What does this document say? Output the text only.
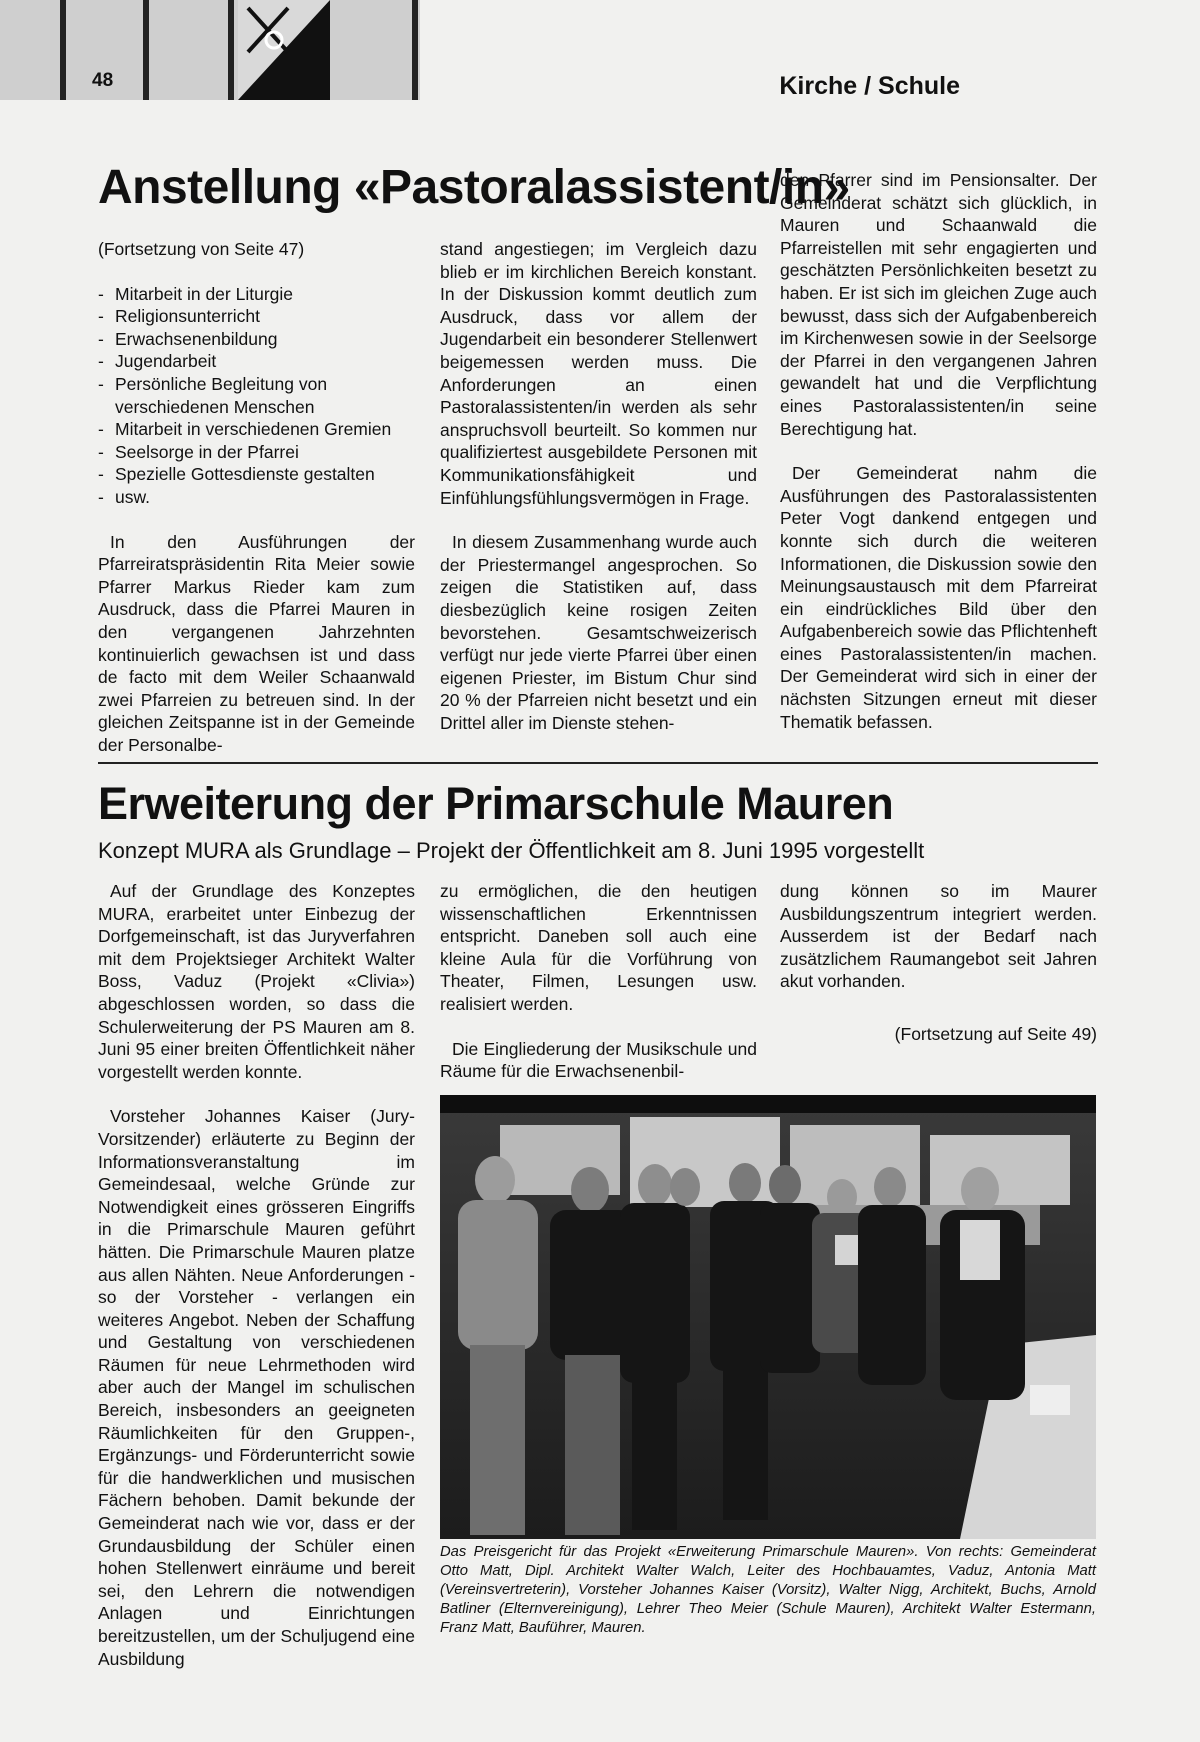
48	Kirche / Schule
Anstellung «Pastoralassistent/in»

(Fortsetzung von Seite 47)

- Mitarbeit in der Liturgie
- Religionsunterricht
- Erwachsenenbildung
- Jugendarbeit
- Persönliche Begleitung von verschiedenen Menschen
- Mitarbeit in verschiedenen Gremien
- Seelsorge in der Pfarrei
- Spezielle Gottesdienste gestalten
- usw.

In den Ausführungen der Pfarreiratspräsidentin Rita Meier sowie Pfarrer Markus Rieder kam zum Ausdruck, dass die Pfarrei Mauren in den vergangenen Jahrzehnten kontinuierlich gewachsen ist und dass de facto mit dem Weiler Schaanwald zwei Pfarreien zu betreuen sind. In der gleichen Zeitspanne ist in der Gemeinde der Personalbe-

stand angestiegen; im Vergleich dazu blieb er im kirchlichen Bereich konstant. In der Diskussion kommt deutlich zum Ausdruck, dass vor allem der Jugendarbeit ein besonderer Stellenwert beigemessen werden muss. Die Anforderungen an einen Pastoralassistenten/in werden als sehr anspruchsvoll beurteilt. So kommen nur qualifiziertest ausgebildete Personen mit Kommunikationsfähigkeit und Einfühlungsfühlungsvermögen in Frage.

In diesem Zusammenhang wurde auch der Priestermangel angesprochen. So zeigen die Statistiken auf, dass diesbezüglich keine rosigen Zeiten bevorstehen. Gesamtschweizerisch verfügt nur jede vierte Pfarrei über einen eigenen Priester, im Bistum Chur sind 20 % der Pfarreien nicht besetzt und ein Drittel aller im Dienste stehen-

den Pfarrer sind im Pensionsalter. Der Gemeinderat schätzt sich glücklich, in Mauren und Schaanwald die Pfarreistellen mit sehr engagierten und geschätzten Persönlichkeiten besetzt zu haben. Er ist sich im gleichen Zuge auch bewusst, dass sich der Aufgabenbereich im Kirchenwesen sowie in der Seelsorge der Pfarrei in den vergangenen Jahren gewandelt hat und die Verpflichtung eines Pastoralassistenten/in seine Berechtigung hat.

Der Gemeinderat nahm die Ausführungen des Pastoralassistenten Peter Vogt dankend entgegen und konnte sich durch die weiteren Informationen, die Diskussion sowie den Meinungsaustausch mit dem Pfarreirat ein eindrückliches Bild über den Aufgabenbereich sowie das Pflichtenheft eines Pastoralassistenten/in machen. Der Gemeinderat wird sich in einer der nächsten Sitzungen erneut mit dieser Thematik befassen.

Erweiterung der Primarschule Mauren
Konzept MURA als Grundlage – Projekt der Öffentlichkeit am 8. Juni 1995 vorgestellt

Auf der Grundlage des Konzeptes MURA, erarbeitet unter Einbezug der Dorfgemeinschaft, ist das Juryverfahren mit dem Projektsieger Architekt Walter Boss, Vaduz (Projekt «Clivia») abgeschlossen worden, so dass die Schulerweiterung der PS Mauren am 8. Juni 95 einer breiten Öffentlichkeit näher vorgestellt werden konnte.

Vorsteher Johannes Kaiser (Jury-Vorsitzender) erläuterte zu Beginn der Informationsveranstaltung im Gemeindesaal, welche Gründe zur Notwendigkeit eines grösseren Eingriffs in die Primarschule Mauren geführt hätten. Die Primarschule Mauren platze aus allen Nähten. Neue Anforderungen - so der Vorsteher - verlangen ein weiteres Angebot. Neben der Schaffung und Gestaltung von verschiedenen Räumen für neue Lehrmethoden wird aber auch der Mangel im schulischen Bereich, insbesonders an geeigneten Räumlichkeiten für den Gruppen-, Ergänzungs- und Förderunterricht sowie für die handwerklichen und musischen Fächern behoben. Damit bekunde der Gemeinderat nach wie vor, dass er der Grundausbildung der Schüler einen hohen Stellenwert einräume und bereit sei, den Lehrern die notwendigen Anlagen und Einrichtungen bereitzustellen, um der Schuljugend eine Ausbildung

zu ermöglichen, die den heutigen wissenschaftlichen Erkenntnissen entspricht. Daneben soll auch eine kleine Aula für die Vorführung von Theater, Filmen, Lesungen usw. realisiert werden.

Die Eingliederung der Musikschule und Räume für die Erwachsenenbil-

dung können so im Maurer Ausbildungszentrum integriert werden. Ausserdem ist der Bedarf nach zusätzlichem Raumangebot seit Jahren akut vorhanden.

(Fortsetzung auf Seite 49)

Das Preisgericht für das Projekt «Erweiterung Primarschule Mauren». Von rechts: Gemeinderat Otto Matt, Dipl. Architekt Walter Walch, Leiter des Hochbauamtes, Vaduz, Antonia Matt (Vereinsvertreterin), Vorsteher Johannes Kaiser (Vorsitz), Walter Nigg, Architekt, Buchs, Arnold Batliner (Elternvereinigung), Lehrer Theo Meier (Schule Mauren), Architekt Walter Estermann, Franz Matt, Bauführer, Mauren.
